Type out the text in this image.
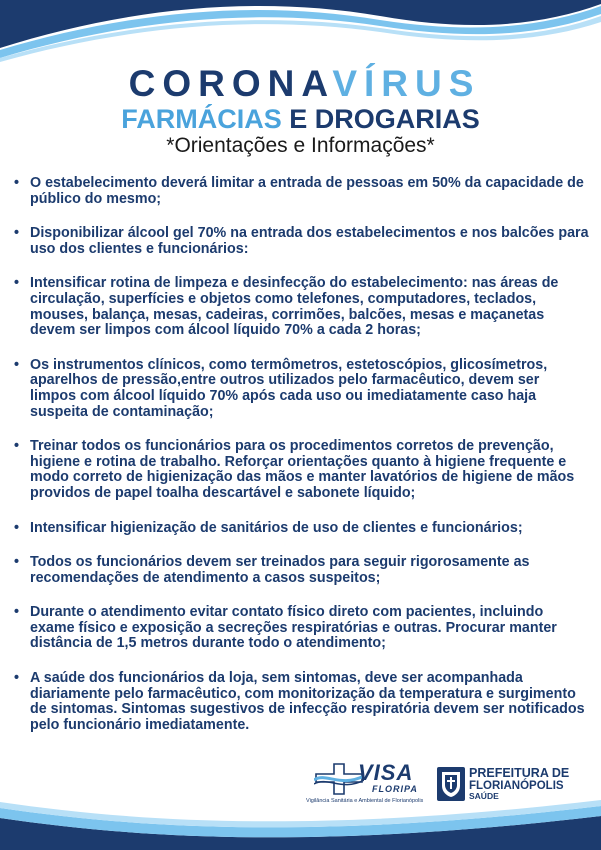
CORONAVÍRUS
FARMÁCIAS E DROGARIAS
*Orientações e Informações*
• O estabelecimento deverá limitar a entrada de pessoas em 50% da capacidade de público do mesmo;
• Disponibilizar álcool gel 70% na entrada dos estabelecimentos e nos balcões para uso dos clientes e funcionários:
• Intensificar rotina de limpeza e desinfecção do estabelecimento: nas áreas de circulação, superfícies e objetos como telefones, computadores, teclados, mouses, balança, mesas, cadeiras, corrimões, balcões, mesas e maçanetas devem ser limpos com álcool líquido 70% a cada 2 horas;
• Os instrumentos clínicos, como termômetros, estetoscópios, glicosímetros, aparelhos de pressão,entre outros utilizados pelo farmacêutico, devem ser limpos com álcool líquido 70% após cada uso ou imediatamente caso haja suspeita de contaminação;
• Treinar todos os funcionários para os procedimentos corretos de prevenção, higiene e rotina de trabalho. Reforçar orientações quanto à higiene frequente e modo correto de higienização das mãos e manter lavatórios de higiene de mãos providos de papel toalha descartável e sabonete líquido;
• Intensificar higienização de sanitários de uso de clientes e funcionários;
• Todos os funcionários devem ser treinados para seguir rigorosamente as recomendações de atendimento a casos suspeitos;
• Durante o atendimento evitar contato físico direto com pacientes, incluindo exame físico e exposição a secreções respiratórias e outras. Procurar manter distância de 1,5 metros durante todo o atendimento;
• A saúde dos funcionários da loja, sem sintomas, deve ser acompanhada diariamente pelo farmacêutico, com monitorização da temperatura e surgimento de sintomas. Sintomas sugestivos de infecção respiratória devem ser notificados pelo funcionário imediatamente.
VISA
FLORIPA
Vigilância Sanitária e Ambiental de Florianópolis
PREFEITURA DE
FLORIANÓPOLIS
SAÚDE
